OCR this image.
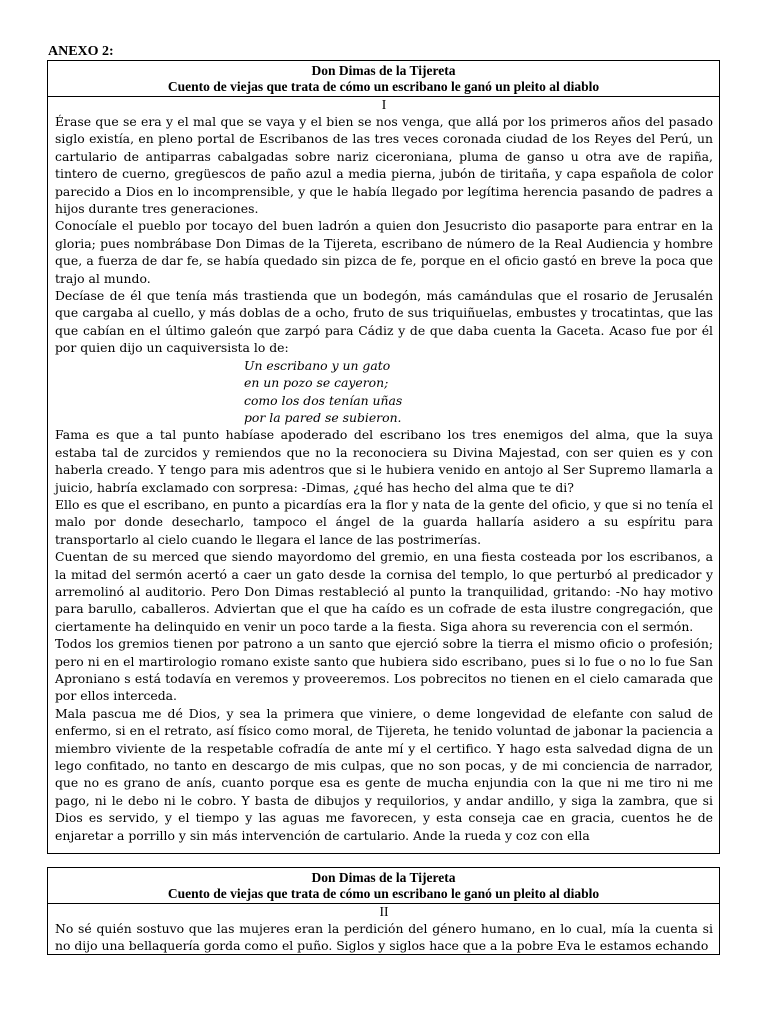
ANEXO 2:
Don Dimas de la Tijereta
Cuento de viejas que trata de cómo un escribano le ganó un pleito al diablo
I

Érase que se era y el mal que se vaya y el bien se nos venga, que allá por los primeros años del pasado siglo existía, en pleno portal de Escribanos de las tres veces coronada ciudad de los Reyes del Perú, un cartulario de antiparras cabalgadas sobre nariz ciceroniana, pluma de ganso u otra ave de rapiña, tintero de cuerno, gregüescos de paño azul a media pierna, jubón de tiritaña, y capa española de color parecido a Dios en lo incomprensible, y que le había llegado por legítima herencia pasando de padres a hijos durante tres generaciones.

Conocíale el pueblo por tocayo del buen ladrón a quien don Jesucristo dio pasaporte para entrar en la gloria; pues nombrábase Don Dimas de la Tijereta, escribano de número de la Real Audiencia y hombre que, a fuerza de dar fe, se había quedado sin pizca de fe, porque en el oficio gastó en breve la poca que trajo al mundo.

Decíase de él que tenía más trastienda que un bodegón, más camándulas que el rosario de Jerusalén que cargaba al cuello, y más doblas de a ocho, fruto de sus triquiñuelas, embustes y trocatintas, que las que cabían en el último galeón que zarpó para Cádiz y de que daba cuenta la Gaceta. Acaso fue por él por quien dijo un caquiversista lo de:

Un escribano y un gato
en un pozo se cayeron;
como los dos tenían uñas
por la pared se subieron.

Fama es que a tal punto habíase apoderado del escribano los tres enemigos del alma, que la suya estaba tal de zurcidos y remiendos que no la reconociera su Divina Majestad, con ser quien es y con haberla creado. Y tengo para mis adentros que si le hubiera venido en antojo al Ser Supremo llamarla a juicio, habría exclamado con sorpresa: -Dimas, ¿qué has hecho del alma que te di?

Ello es que el escribano, en punto a picardías era la flor y nata de la gente del oficio, y que si no tenía el malo por donde desecharlo, tampoco el ángel de la guarda hallaría asidero a su espíritu para transportarlo al cielo cuando le llegara el lance de las postrimerías.

Cuentan de su merced que siendo mayordomo del gremio, en una fiesta costeada por los escribanos, a la mitad del sermón acertó a caer un gato desde la cornisa del templo, lo que perturbó al predicador y arremolinó al auditorio. Pero Don Dimas restableció al punto la tranquilidad, gritando: -No hay motivo para barullo, caballeros. Adviertan que el que ha caído es un cofrade de esta ilustre congregación, que ciertamente ha delinquido en venir un poco tarde a la fiesta. Siga ahora su reverencia con el sermón.

Todos los gremios tienen por patrono a un santo que ejerció sobre la tierra el mismo oficio o profesión; pero ni en el martirologio romano existe santo que hubiera sido escribano, pues si lo fue o no lo fue San Aproniano s está todavía en veremos y proveeremos. Los pobrecitos no tienen en el cielo camarada que por ellos interceda.

Mala pascua me dé Dios, y sea la primera que viniere, o deme longevidad de elefante con salud de enfermo, si en el retrato, así físico como moral, de Tijereta, he tenido voluntad de jabonar la paciencia a miembro viviente de la respetable cofradía de ante mí y el certifico. Y hago esta salvedad digna de un lego confitado, no tanto en descargo de mis culpas, que no son pocas, y de mi conciencia de narrador, que no es grano de anís, cuanto porque esa es gente de mucha enjundia con la que ni me tiro ni me pago, ni le debo ni le cobro. Y basta de dibujos y requilorios, y andar andillo, y siga la zambra, que si Dios es servido, y el tiempo y las aguas me favorecen, y esta conseja cae en gracia, cuentos he de enjaretar a porrillo y sin más intervención de cartulario. Ande la rueda y coz con ella

Don Dimas de la Tijereta
Cuento de viejas que trata de cómo un escribano le ganó un pleito al diablo
II

No sé quién sostuvo que las mujeres eran la perdición del género humano, en lo cual, mía la cuenta si no dijo una bellaquería gorda como el puño. Siglos y siglos hace que a la pobre Eva le estamos echando
